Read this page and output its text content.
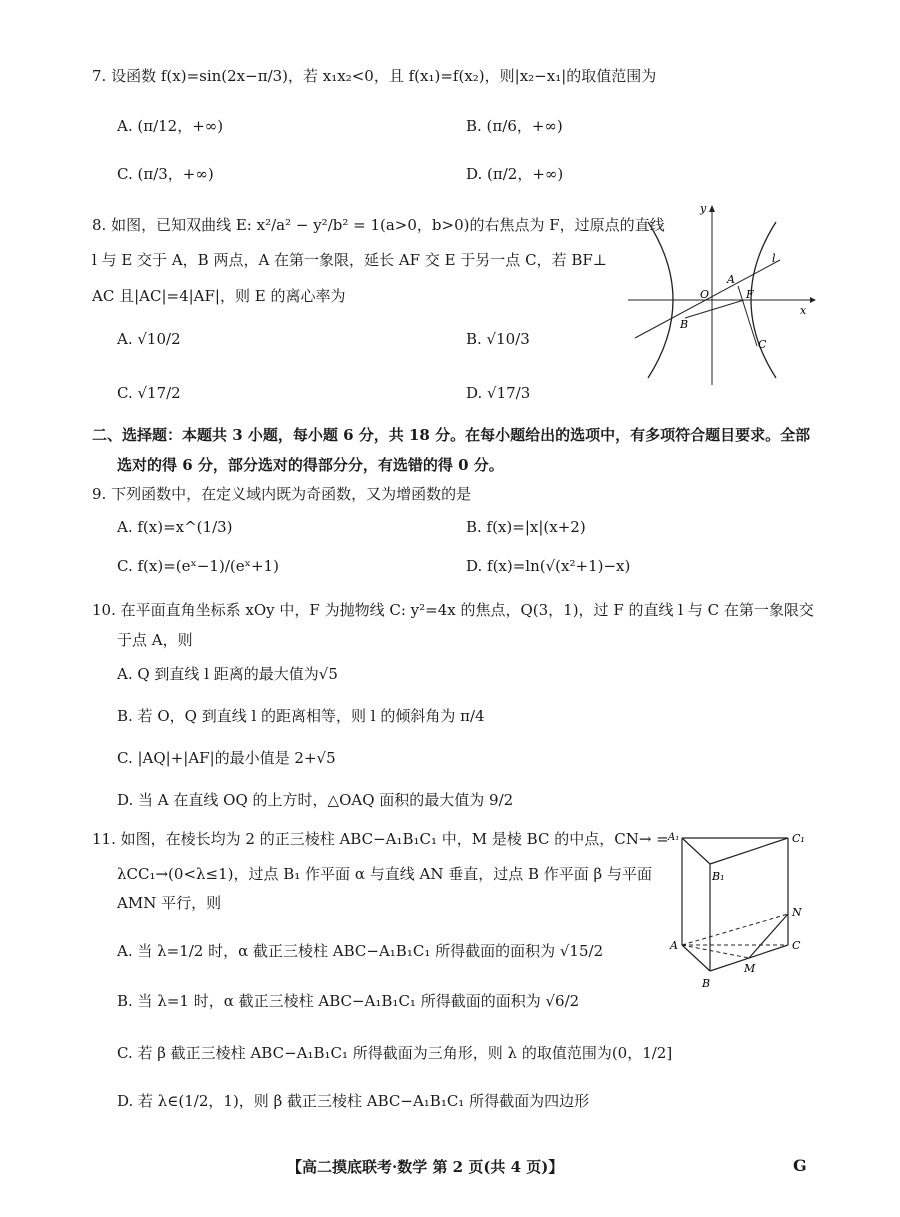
7. 设函数 f(x)=sin(2x−π/3)，若 x₁x₂<0，且 f(x₁)=f(x₂)，则|x₂−x₁|的取值范围为
A. (π/12，+∞)	B. (π/6，+∞)
C. (π/3，+∞)	D. (π/2，+∞)
8. 如图，已知双曲线 E: x²/a² − y²/b² = 1(a>0，b>0)的右焦点为 F，过原点的直线
l 与 E 交于 A，B 两点，A 在第一象限，延长 AF 交 E 于另一点 C，若 BF⊥
AC 且|AC|=4|AF|，则 E 的离心率为
A. √10/2	B. √10/3
C. √17/2	D. √17/3
y
x
O
A
F
B
C
l
二、选择题：本题共 3 小题，每小题 6 分，共 18 分。在每小题给出的选项中，有多项符合题目要求。全部
选对的得 6 分，部分选对的得部分分，有选错的得 0 分。
9. 下列函数中，在定义域内既为奇函数，又为增函数的是
A. f(x)=x^(1/3)	B. f(x)=|x|(x+2)
C. f(x)=(eˣ−1)/(eˣ+1)	D. f(x)=ln(√(x²+1)−x)
10. 在平面直角坐标系 xOy 中，F 为抛物线 C: y²=4x 的焦点，Q(3，1)，过 F 的直线 l 与 C 在第一象限交
于点 A，则
A. Q 到直线 l 距离的最大值为√5
B. 若 O，Q 到直线 l 的距离相等，则 l 的倾斜角为 π/4
C. |AQ|+|AF|的最小值是 2+√5
D. 当 A 在直线 OQ 的上方时，△OAQ 面积的最大值为 9/2
11. 如图，在棱长均为 2 的正三棱柱 ABC−A₁B₁C₁ 中，M 是棱 BC 的中点，CN→ =
λCC₁→(0<λ≤1)，过点 B₁ 作平面 α 与直线 AN 垂直，过点 B 作平面 β 与平面
AMN 平行，则
A. 当 λ=1/2 时，α 截正三棱柱 ABC−A₁B₁C₁ 所得截面的面积为 √15/2
B. 当 λ=1 时，α 截正三棱柱 ABC−A₁B₁C₁ 所得截面的面积为 √6/2
C. 若 β 截正三棱柱 ABC−A₁B₁C₁ 所得截面为三角形，则 λ 的取值范围为(0，1/2]
D. 若 λ∈(1/2，1)，则 β 截正三棱柱 ABC−A₁B₁C₁ 所得截面为四边形
A₁	C₁
B₁
N
A	C
M
B
【高二摸底联考·数学 第 2 页(共 4 页)】	G
